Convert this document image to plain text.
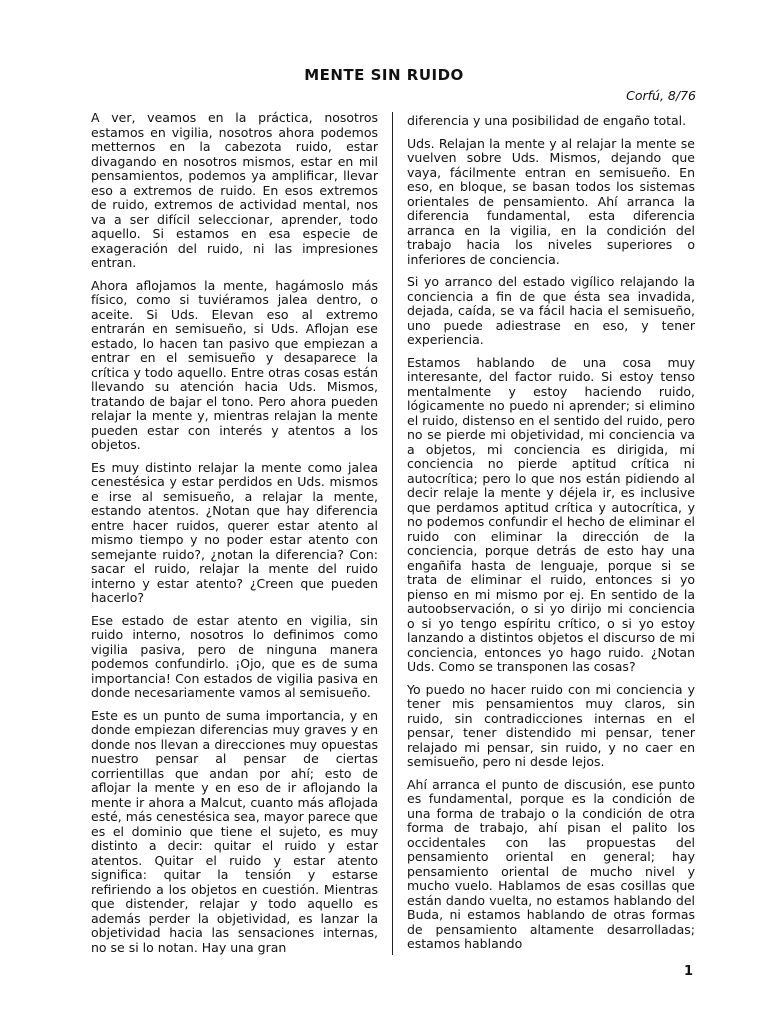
MENTE SIN RUIDO

Corfú, 8/76

A ver, veamos en la práctica, nosotros estamos en vigilia, nosotros ahora podemos metternos en la cabezota ruido, estar divagando en nosotros mismos, estar en mil pensamientos, podemos ya amplificar, llevar eso a extremos de ruido. En esos extremos de ruido, extremos de actividad mental, nos va a ser difícil seleccionar, aprender, todo aquello. Si estamos en esa especie de exageración del ruido, ni las impresiones entran.

Ahora aflojamos la mente, hagámoslo más físico, como si tuviéramos jalea dentro, o aceite. Si Uds. Elevan eso al extremo entrarán en semisueño, si Uds. Aflojan ese estado, lo hacen tan pasivo que empiezan a entrar en el semisueño y desaparece la crítica y todo aquello. Entre otras cosas están llevando su atención hacia Uds. Mismos, tratando de bajar el tono. Pero ahora pueden relajar la mente y, mientras relajan la mente pueden estar con interés y atentos a los objetos.

Es muy distinto relajar la mente como jalea cenestésica y estar perdidos en Uds. mismos e irse al semisueño, a relajar la mente, estando atentos. ¿Notan que hay diferencia entre hacer ruidos, querer estar atento al mismo tiempo y no poder estar atento con semejante ruido?, ¿notan la diferencia? Con: sacar el ruido, relajar la mente del ruido interno y estar atento? ¿Creen que pueden hacerlo?

Ese estado de estar atento en vigilia, sin ruido interno, nosotros lo definimos como vigilia pasiva, pero de ninguna manera podemos confundirlo. ¡Ojo, que es de suma importancia! Con estados de vigilia pasiva en donde necesariamente vamos al semisueño.

Este es un punto de suma importancia, y en donde empiezan diferencias muy graves y en donde nos llevan a direcciones muy opuestas nuestro pensar al pensar de ciertas corrientillas que andan por ahí; esto de aflojar la mente y en eso de ir aflojando la mente ir ahora a Malcut, cuanto más aflojada esté, más cenestésica sea, mayor parece que es el dominio que tiene el sujeto, es muy distinto a decir: quitar el ruido y estar atentos. Quitar el ruido y estar atento significa: quitar la tensión y estarse refiriendo a los objetos en cuestión. Mientras que distender, relajar y todo aquello es además perder la objetividad, es lanzar la objetividad hacia las sensaciones internas, no se si lo notan. Hay una gran

diferencia y una posibilidad de engaño total.

Uds. Relajan la mente y al relajar la mente se vuelven sobre Uds. Mismos, dejando que vaya, fácilmente entran en semisueño. En eso, en bloque, se basan todos los sistemas orientales de pensamiento. Ahí arranca la diferencia fundamental, esta diferencia arranca en la vigilia, en la condición del trabajo hacia los niveles superiores o inferiores de conciencia.

Si yo arranco del estado vigílico relajando la conciencia a fin de que ésta sea invadida, dejada, caída, se va fácil hacia el semisueño, uno puede adiestrase en eso, y tener experiencia.

Estamos hablando de una cosa muy interesante, del factor ruido. Si estoy tenso mentalmente y estoy haciendo ruido, lógicamente no puedo ni aprender; si elimino el ruido, distenso en el sentido del ruido, pero no se pierde mi objetividad, mi conciencia va a objetos, mi conciencia es dirigida, mi conciencia no pierde aptitud crítica ni autocrítica; pero lo que nos están pidiendo al decir relaje la mente y déjela ir, es inclusive que perdamos aptitud crítica y autocrítica, y no podemos confundir el hecho de eliminar el ruido con eliminar la dirección de la conciencia, porque detrás de esto hay una engañifa hasta de lenguaje, porque si se trata de eliminar el ruido, entonces si yo pienso en mi mismo por ej. En sentido de la autoobservación, o si yo dirijo mi conciencia o si yo tengo espíritu crítico, o si yo estoy lanzando a distintos objetos el discurso de mi conciencia, entonces yo hago ruido. ¿Notan Uds. Como se transponen las cosas?

Yo puedo no hacer ruido con mi conciencia y tener mis pensamientos muy claros, sin ruido, sin contradicciones internas en el pensar, tener distendido mi pensar, tener relajado mi pensar, sin ruido, y no caer en semisueño, pero ni desde lejos.

Ahí arranca el punto de discusión, ese punto es fundamental, porque es la condición de una forma de trabajo o la condición de otra forma de trabajo, ahí pisan el palito los occidentales con las propuestas del pensamiento oriental en general; hay pensamiento oriental de mucho nivel y mucho vuelo. Hablamos de esas cosillas que están dando vuelta, no estamos hablando del Buda, ni estamos hablando de otras formas de pensamiento altamente desarrolladas; estamos hablando

1
